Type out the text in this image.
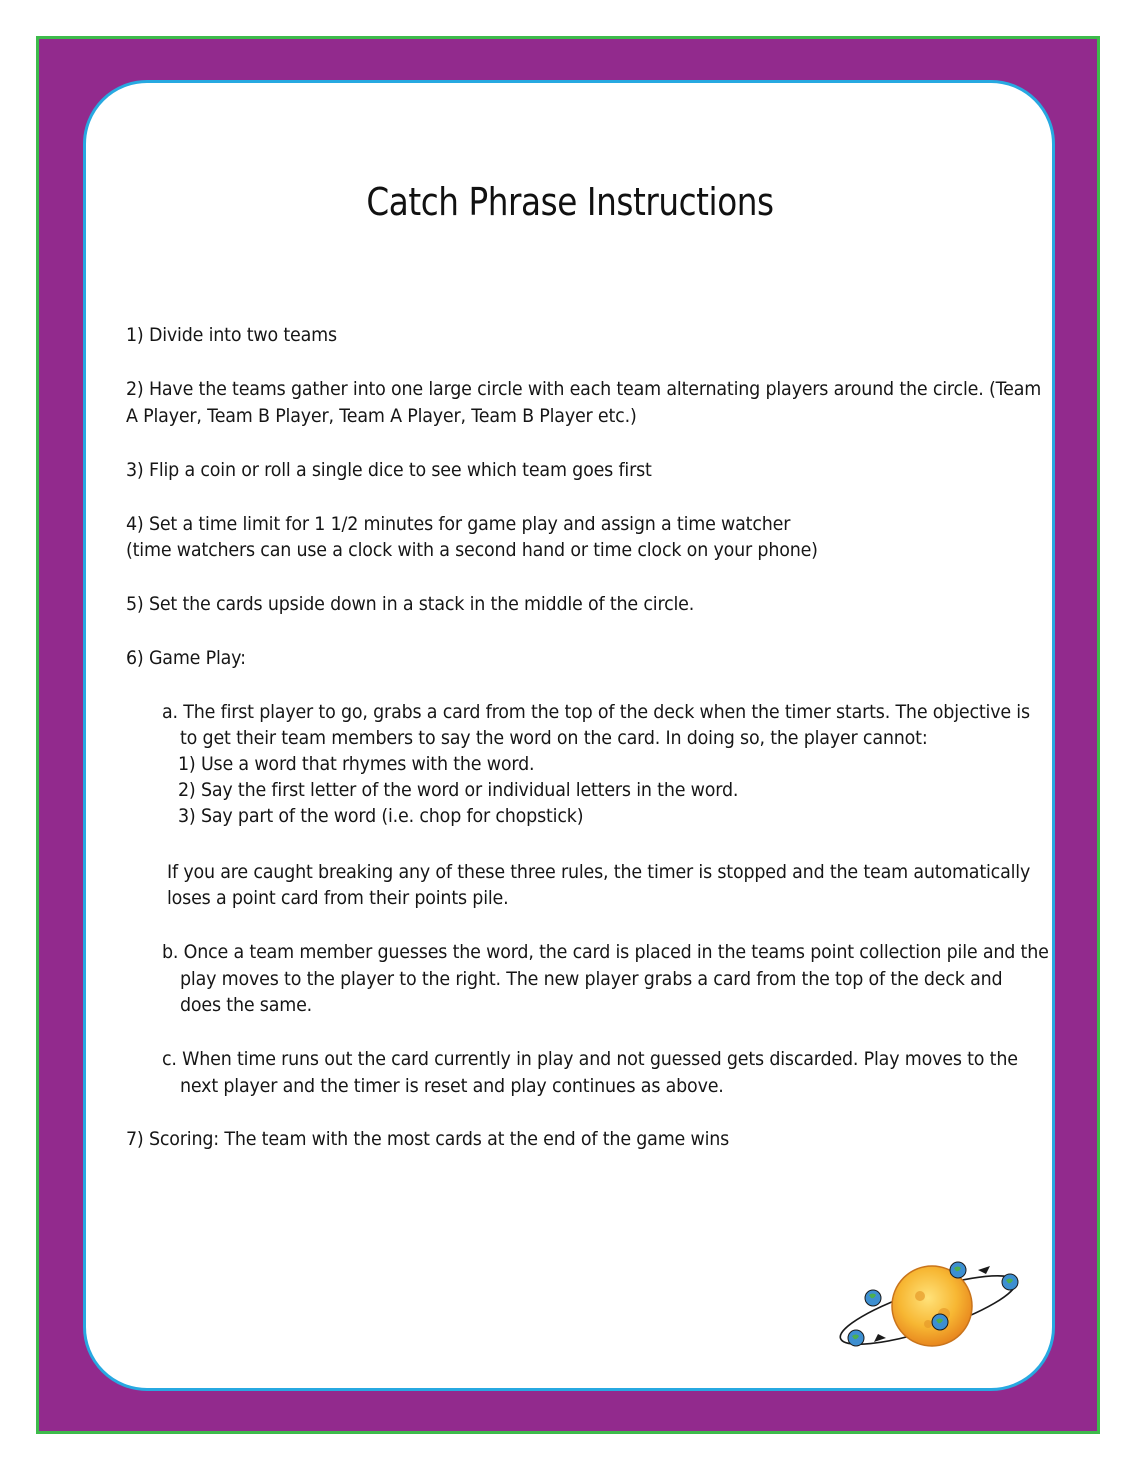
Catch Phrase Instructions
1) Divide into two teams
2) Have the teams gather into one large circle with each team alternating players around the circle. (Team
A Player, Team B Player, Team A Player, Team B Player etc.)
3) Flip a coin or roll a single dice to see which team goes first
4) Set a time limit for 1 1/2 minutes for game play and assign a time watcher
(time watchers can use a clock with a second hand or time clock on your phone)
5) Set the cards upside down in a stack in the middle of the circle.
6) Game Play:
a. The first player to go, grabs a card from the top of the deck when the timer starts. The objective is
to get their team members to say the word on the card. In doing so, the player cannot:
1) Use a word that rhymes with the word.
2) Say the first letter of the word or individual letters in the word.
3) Say part of the word (i.e. chop for chopstick)
If you are caught breaking any of these three rules, the timer is stopped and the team automatically
loses a point card from their points pile.
b. Once a team member guesses the word, the card is placed in the teams point collection pile and the
play moves to the player to the right. The new player grabs a card from the top of the deck and
does the same.
c. When time runs out the card currently in play and not guessed gets discarded. Play moves to the
next player and the timer is reset and play continues as above.
7) Scoring: The team with the most cards at the end of the game wins
